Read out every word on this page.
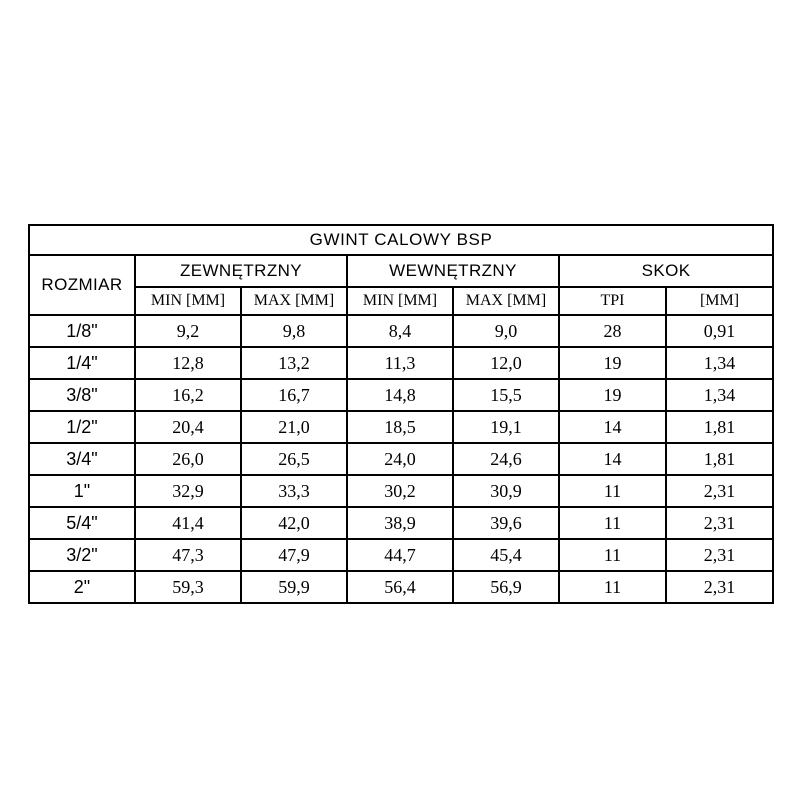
GWINT CALOWY BSP						
ROZMIAR	ZEWNĘTRZNY		WEWNĘTRZNY		SKOK	
	MIN [MM]	MAX [MM]	MIN [MM]	MAX [MM]	TPI	[MM]
1/8"	9,2	9,8	8,4	9,0	28	0,91
1/4"	12,8	13,2	11,3	12,0	19	1,34
3/8"	16,2	16,7	14,8	15,5	19	1,34
1/2"	20,4	21,0	18,5	19,1	14	1,81
3/4"	26,0	26,5	24,0	24,6	14	1,81
1"	32,9	33,3	30,2	30,9	11	2,31
5/4"	41,4	42,0	38,9	39,6	11	2,31
3/2"	47,3	47,9	44,7	45,4	11	2,31
2"	59,3	59,9	56,4	56,9	11	2,31
